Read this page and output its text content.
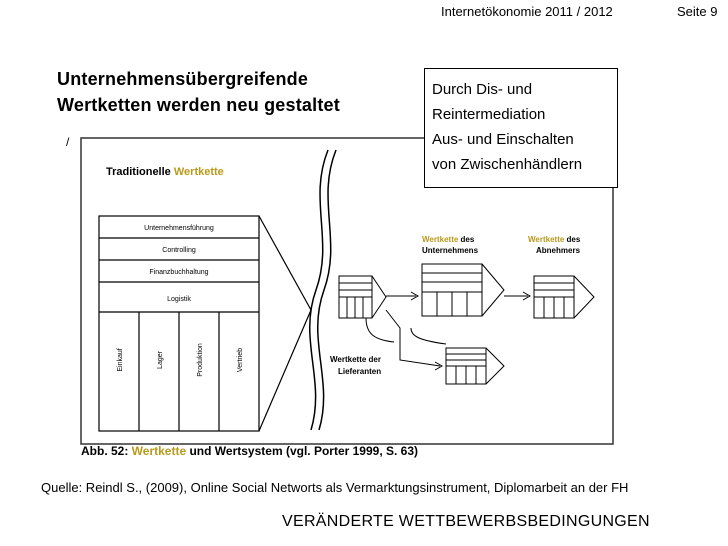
Internetökonomie 2011 / 2012	Seite 9
Unternehmensübergreifende
Wertketten werden neu gestaltet
/
Traditionelle Wertkette
Unternehmensführung
Controlling
Finanzbuchhaltung
Logistik
Einkauf	Lager	Produktion	Vertrieb
Wertkette des
Unternehmens
Wertkette des
Abnehmers
Wertkette der
Lieferanten
Abb. 52: Wertkette und Wertsystem (vgl. Porter 1999, S. 63)
Durch Dis- und
Reintermediation
Aus- und Einschalten
von Zwischenhändlern
Quelle: Reindl S., (2009), Online Social Networts als Vermarktungsinstrument, Diplomarbeit an der FH
VERÄNDERTE WETTBEWERBSBEDINGUNGEN
